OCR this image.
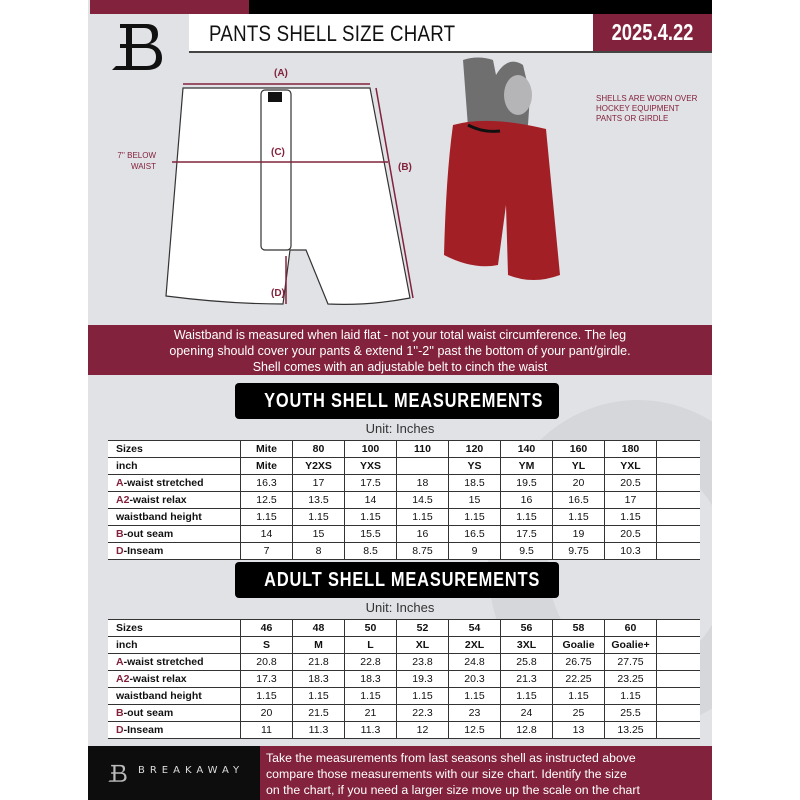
PANTS SHELL SIZE CHART	2025.4.22
(A)
(C)
(B)
(D)
7'' BELOW
WAIST
SHELLS ARE WORN OVER HOCKEY EQUIPMENT PANTS OR GIRDLE
Waistband is measured when laid flat - not your total waist circumference. The leg
opening should cover your pants & extend 1''-2'' past the bottom of your pant/girdle.
Shell comes with an adjustable belt to cinch the waist
YOUTH SHELL MEASUREMENTS
Unit: Inches
Sizes	Mite	80	100	110	120	140	160	180	
inch	Mite	Y2XS	YXS		YS	YM	YL	YXL	
A-waist stretched	16.3	17	17.5	18	18.5	19.5	20	20.5	
A2-waist relax	12.5	13.5	14	14.5	15	16	16.5	17	
waistband height	1.15	1.15	1.15	1.15	1.15	1.15	1.15	1.15	
B-out seam	14	15	15.5	16	16.5	17.5	19	20.5	
D-Inseam	7	8	8.5	8.75	9	9.5	9.75	10.3	
ADULT SHELL MEASUREMENTS
Unit: Inches
Sizes	46	48	50	52	54	56	58	60	
inch	S	M	L	XL	2XL	3XL	Goalie	Goalie+	
A-waist stretched	20.8	21.8	22.8	23.8	24.8	25.8	26.75	27.75	
A2-waist relax	17.3	18.3	18.3	19.3	20.3	21.3	22.25	23.25	
waistband height	1.15	1.15	1.15	1.15	1.15	1.15	1.15	1.15	
B-out seam	20	21.5	21	22.3	23	24	25	25.5	
D-Inseam	11	11.3	11.3	12	12.5	12.8	13	13.25	
BREAKAWAY
Take the measurements from last seasons shell as instructed above
compare those measurements with our size chart. Identify the size
on the chart, if you need a larger size move up the scale on the chart
